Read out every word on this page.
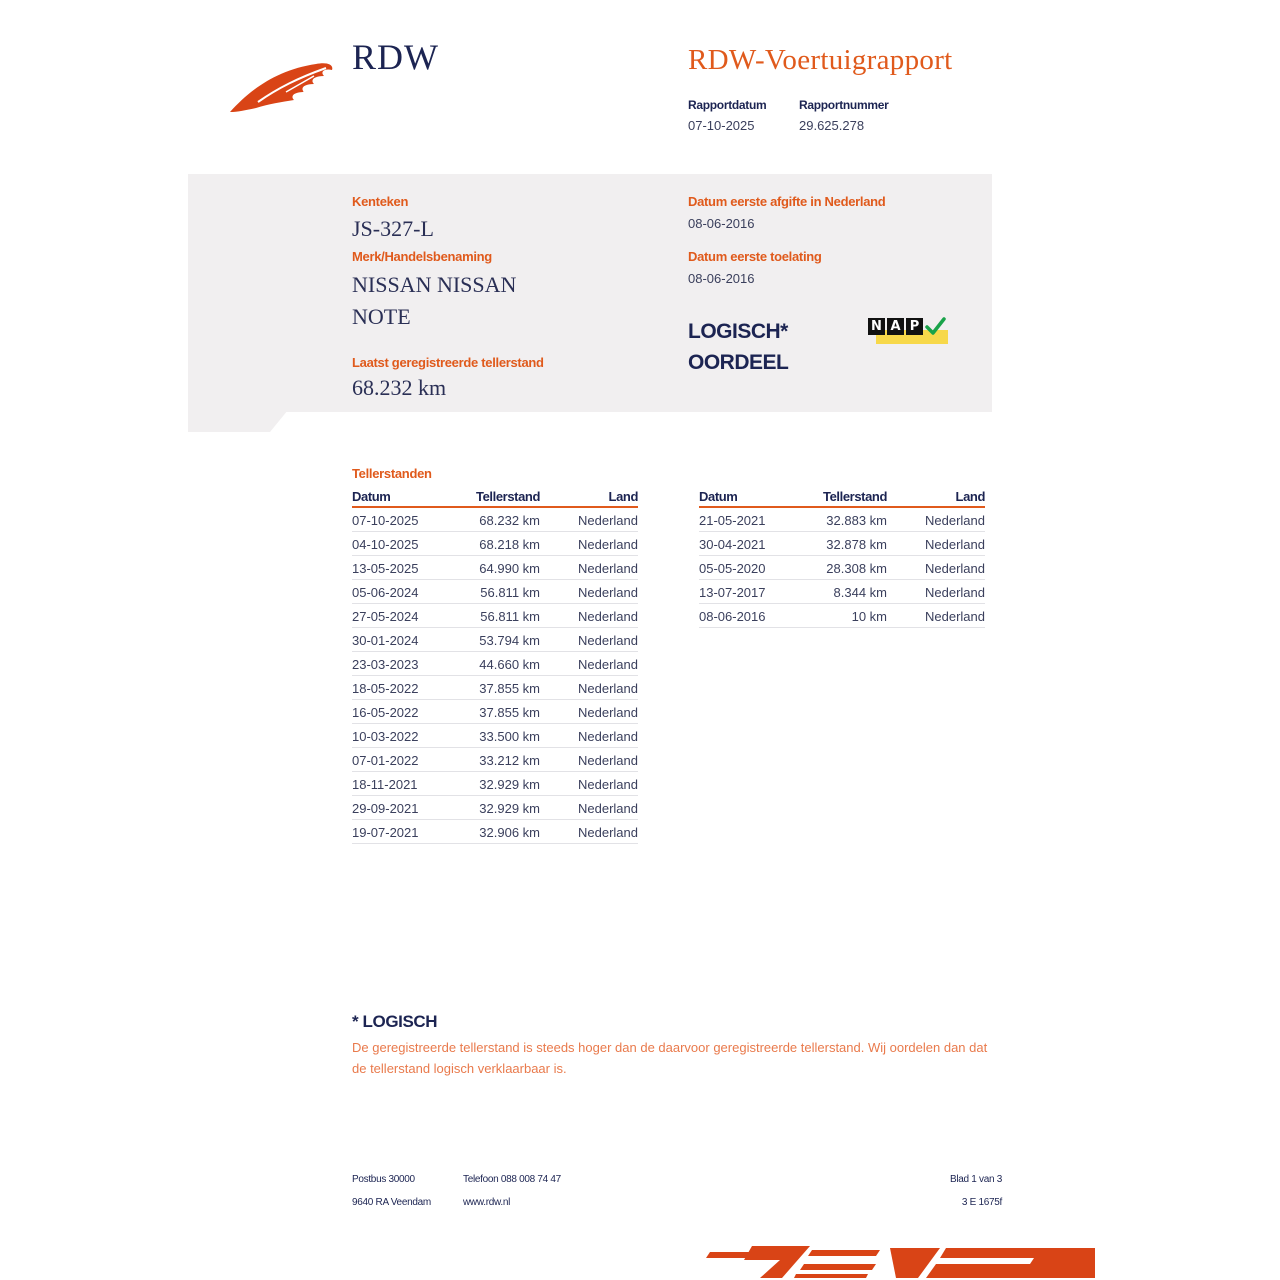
RDW	RDW-Voertuigrapport
Rapportdatum
07-10-2025
Rapportnummer
29.625.278
Kenteken
JS-327-L
Merk/Handelsbenaming
NISSAN NISSAN
NOTE
Laatst geregistreerde tellerstand
68.232 km
Datum eerste afgifte in Nederland
08-06-2016
Datum eerste toelating
08-06-2016
LOGISCH*
OORDEEL
N A P
Tellerstanden
Datum	Tellerstand	Land
07-10-2025	68.232 km	Nederland
04-10-2025	68.218 km	Nederland
13-05-2025	64.990 km	Nederland
05-06-2024	56.811 km	Nederland
27-05-2024	56.811 km	Nederland
30-01-2024	53.794 km	Nederland
23-03-2023	44.660 km	Nederland
18-05-2022	37.855 km	Nederland
16-05-2022	37.855 km	Nederland
10-03-2022	33.500 km	Nederland
07-01-2022	33.212 km	Nederland
18-11-2021	32.929 km	Nederland
29-09-2021	32.929 km	Nederland
19-07-2021	32.906 km	Nederland
Datum	Tellerstand	Land
21-05-2021	32.883 km	Nederland
30-04-2021	32.878 km	Nederland
05-05-2020	28.308 km	Nederland
13-07-2017	8.344 km	Nederland
08-06-2016	10 km	Nederland
* LOGISCH
De geregistreerde tellerstand is steeds hoger dan de daarvoor geregistreerde tellerstand. Wij oordelen dan dat de tellerstand logisch verklaarbaar is.
Postbus 30000
9640 RA Veendam
Telefoon 088 008 74 47
www.rdw.nl
Blad 1 van 3
3 E 1675f
